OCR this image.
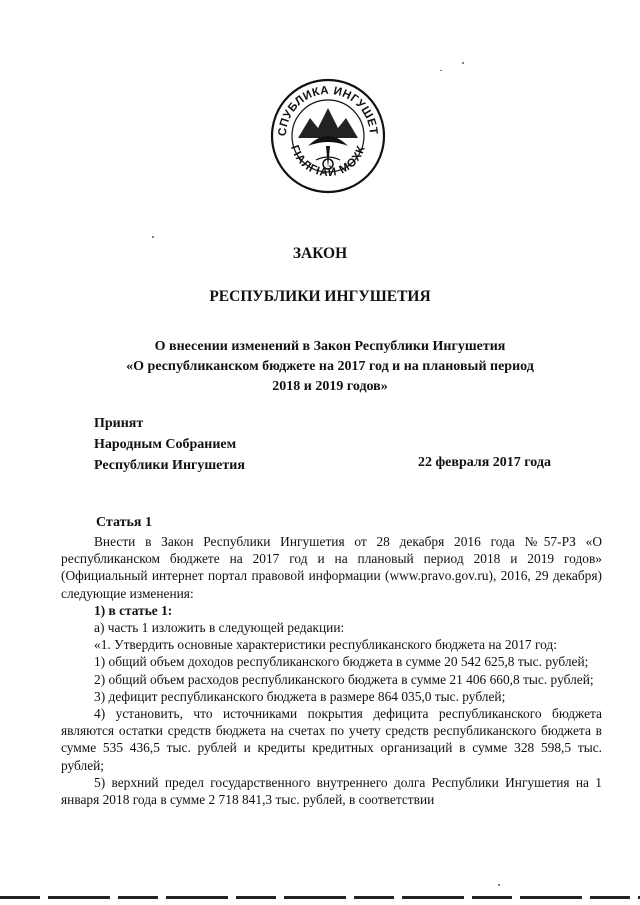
СПУБЛИКА ИНГУШЕТ
ГІАЛГІАЙ МОХК
ЗАКОН
РЕСПУБЛИКИ ИНГУШЕТИЯ
О внесении изменений в Закон Республики Ингушетия
«О республиканском бюджете на 2017 год и на плановый период
2018 и 2019 годов»
Принят
Народным Собранием
Республики Ингушетия	22 февраля 2017 года
Статья 1

Внести в Закон Республики Ингушетия от 28 декабря 2016 года №57-РЗ «О республиканском бюджете на 2017 год и на плановый период 2018 и 2019 годов» (Официальный интернет портал правовой информации (www.pravo.gov.ru), 2016, 29 декабря) следующие изменения:

1) в статье 1:

а) часть 1 изложить в следующей редакции:

«1. Утвердить основные характеристики республиканского бюджета на 2017 год:

1) общий объем доходов республиканского бюджета в сумме 20 542 625,8 тыс. рублей;

2) общий объем расходов республиканского бюджета в сумме 21 406 660,8 тыс. рублей;

3) дефицит республиканского бюджета в размере 864 035,0 тыс. рублей;

4) установить, что источниками покрытия дефицита республиканского бюджета являются остатки средств бюджета на счетах по учету средств республиканского бюджета в сумме 535 436,5 тыс. рублей и кредиты кредитных организаций в сумме 328 598,5 тыс. рублей;

5) верхний предел государственного внутреннего долга Республики Ингушетия на 1 января 2018 года в сумме 2 718 841,3 тыс. рублей, в соответствии
